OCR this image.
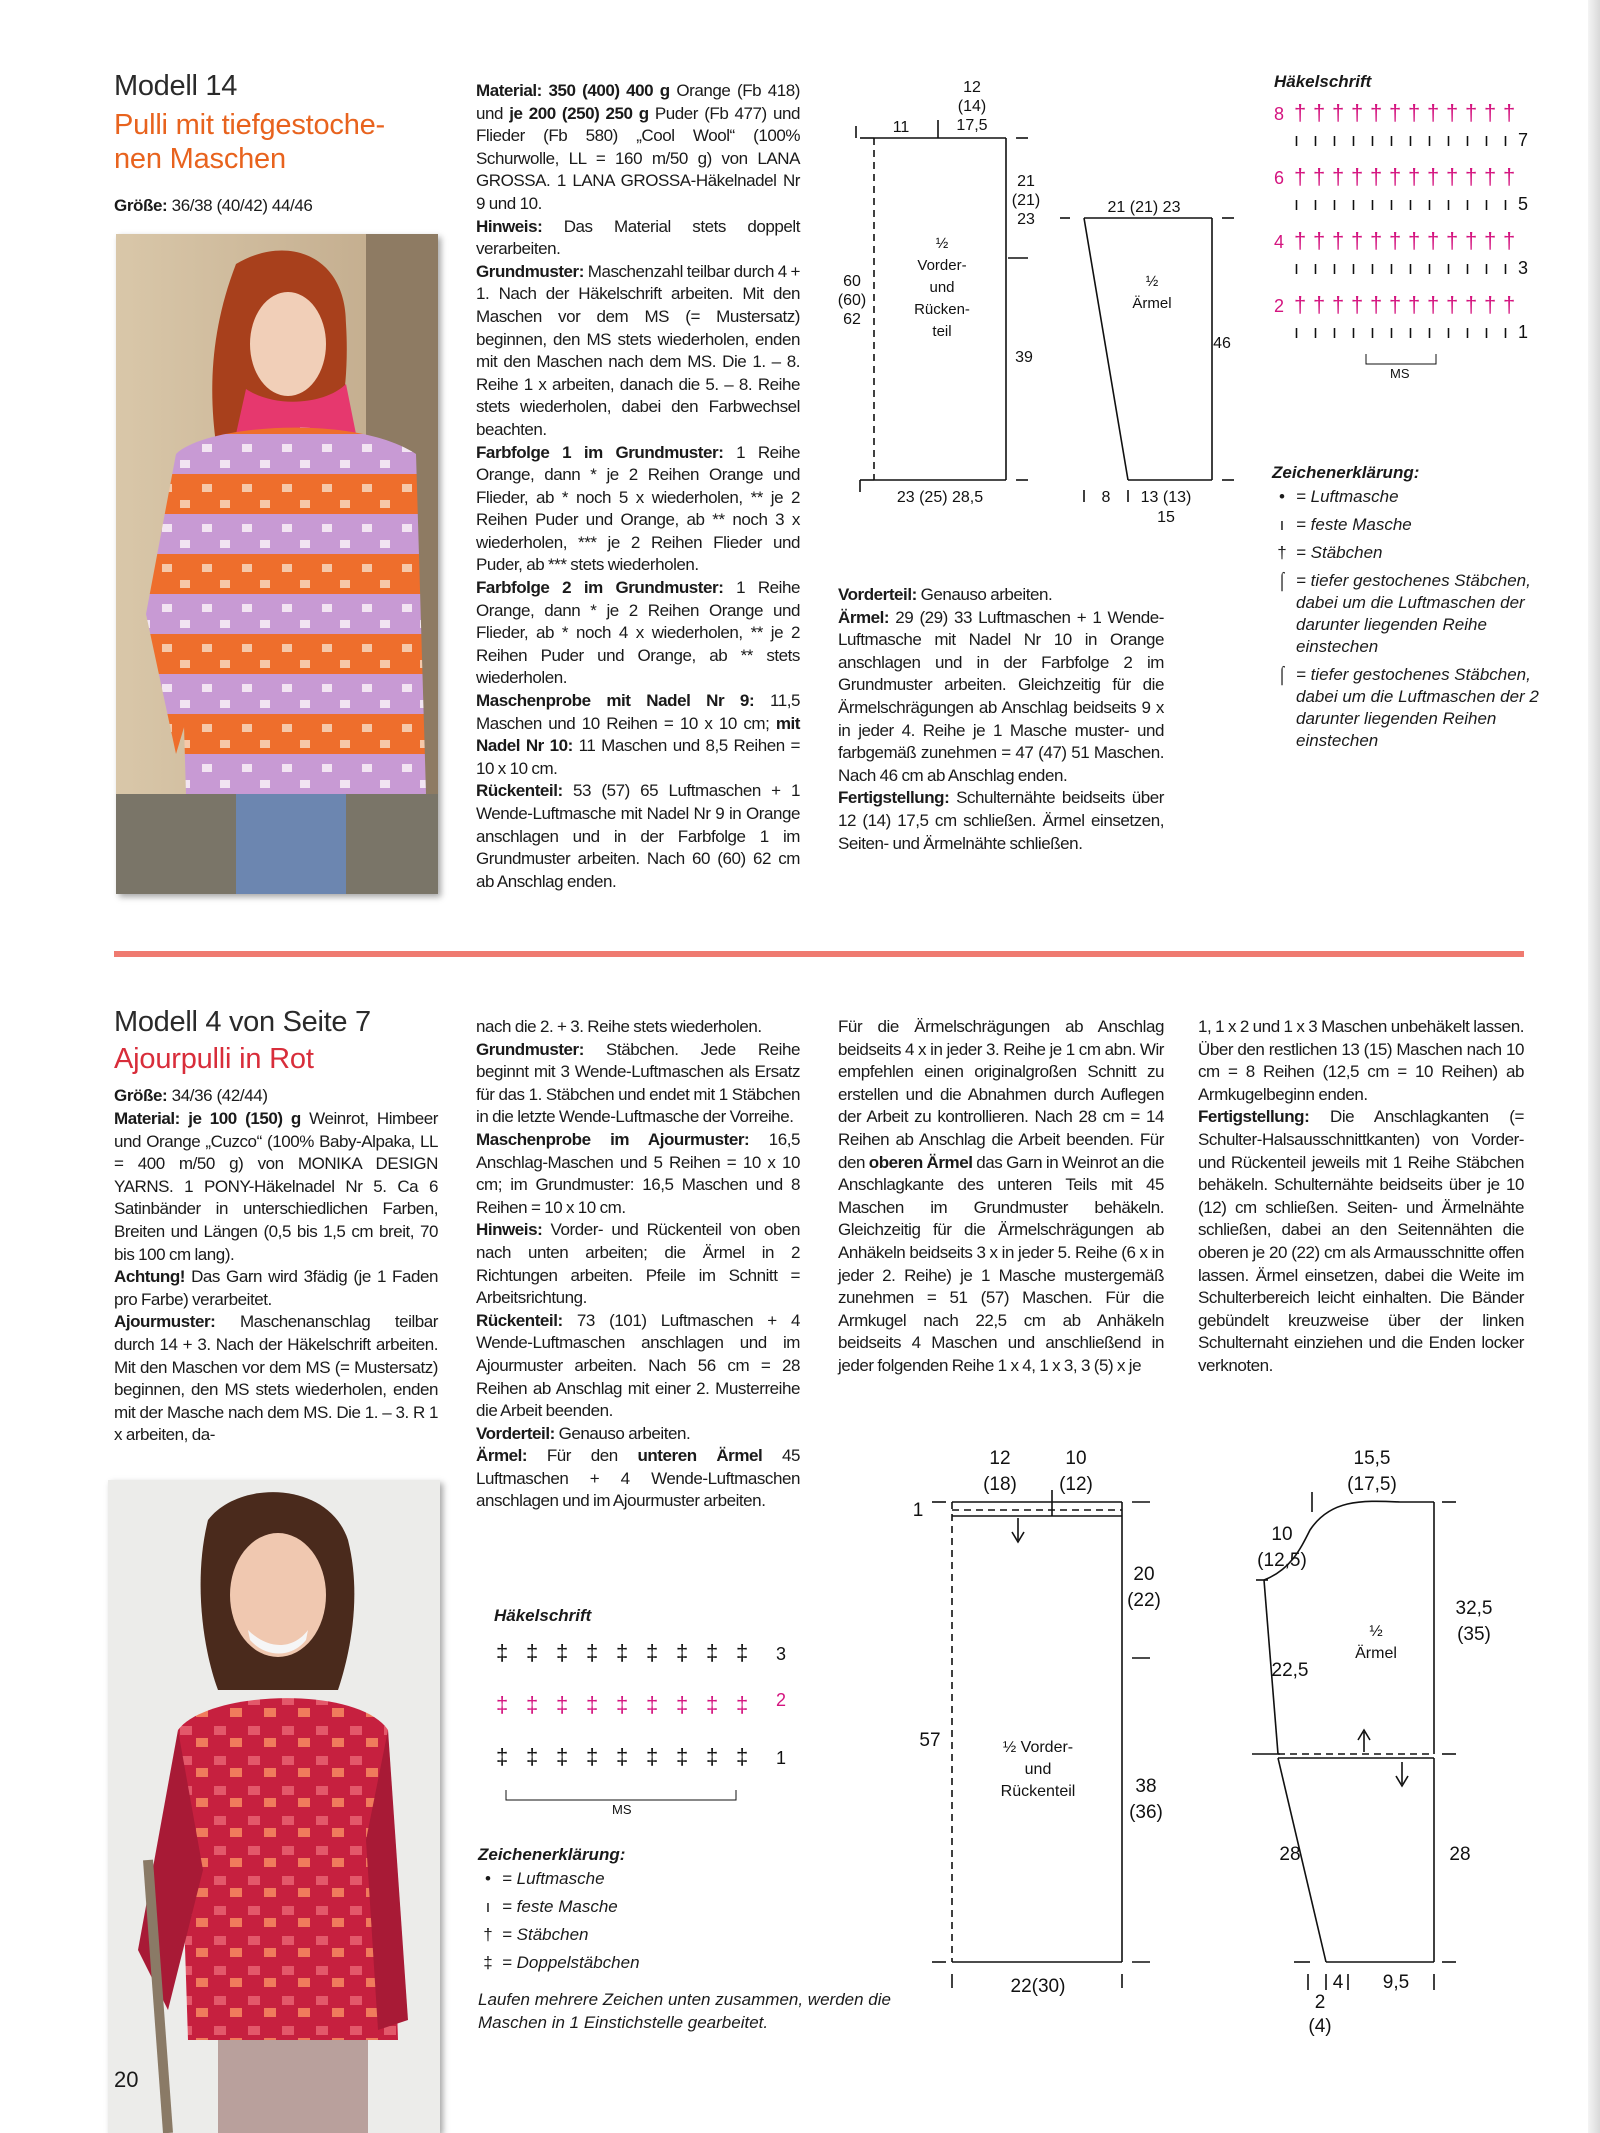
Modell 14
Pulli mit tiefgestoche-
nen Maschen
Größe: 36/38 (40/42) 44/46

Material: 350 (400) 400 g Orange (Fb 418) und je 200 (250) 250 g Puder (Fb 477) und Flieder (Fb 580) „Cool Wool“ (100% Schurwolle, LL = 160 m/50 g) von LANA GROSSA. 1 LANA GROSSA-Häkelnadel Nr 9 und 10.
Hinweis: Das Material stets doppelt verarbeiten.
Grundmuster: Maschenzahl teilbar durch 4 + 1. Nach der Häkelschrift arbeiten. Mit den Maschen vor dem MS (= Mustersatz) beginnen, den MS stets wiederholen, enden mit den Maschen nach dem MS. Die 1. – 8. Reihe 1 x arbeiten, danach die 5. – 8. Reihe stets wiederholen, dabei den Farbwechsel beachten.
Farbfolge 1 im Grundmuster: 1 Reihe Orange, dann * je 2 Reihen Orange und Flieder, ab * noch 5 x wiederholen, ** je 2 Reihen Puder und Orange, ab ** noch 3 x wiederholen, *** je 2 Reihen Flieder und Puder, ab *** stets wiederholen.
Farbfolge 2 im Grundmuster: 1 Reihe Orange, dann * je 2 Reihen Orange und Flieder, ab * noch 4 x wiederholen, ** je 2 Reihen Puder und Orange, ab ** stets wiederholen.
Maschenprobe mit Nadel Nr 9: 11,5 Maschen und 10 Reihen = 10 x 10 cm; mit Nadel Nr 10: 11 Maschen und 8,5 Reihen = 10 x 10 cm.
Rückenteil: 53 (57) 65 Luftmaschen + 1 Wende-Luftmasche mit Nadel Nr 9 in Orange anschlagen und in der Farbfolge 1 im Grundmuster arbeiten. Nach 60 (60) 62 cm ab Anschlag enden.

12
(14)
17,5
11
21
(21)
23
60
(60)
62
½
Vorder-
und
Rücken-
teil
39
23 (25) 28,5
21 (21) 23
½
Ärmel
46
8 13 (13)
15

Vorderteil: Genauso arbeiten.
Ärmel: 29 (29) 33 Luftmaschen + 1 Wende-Luftmasche mit Nadel Nr 10 in Orange anschlagen und in der Farbfolge 2 im Grundmuster arbeiten. Gleichzeitig für die Ärmelschrägungen ab Anschlag beidseits 9 x in jeder 4. Reihe je 1 Masche muster- und farbgemäß zunehmen = 47 (47) 51 Maschen. Nach 46 cm ab Anschlag enden.
Fertigstellung: Schulternähte beidseits über 12 (14) 17,5 cm schließen. Ärmel einsetzen, Seiten- und Ärmelnähte schließen.

Häkelschrift
8
7
†
ı
†
ı
†
ı
†
ı
†
ı
†
ı
†
ı
†
ı
†
ı
†
ı
†
ı
†
ı
6
5
†
ı
†
ı
†
ı
†
ı
†
ı
†
ı
†
ı
†
ı
†
ı
†
ı
†
ı
†
ı
4
3
†
ı
†
ı
†
ı
†
ı
†
ı
†
ı
†
ı
†
ı
†
ı
†
ı
†
ı
†
ı
2
1
†
ı
†
ı
†
ı
†
ı
†
ı
†
ı
†
ı
†
ı
†
ı
†
ı
†
ı
†
ı
MS
Zeichenerklärung:
• = Luftmasche
ı = feste Masche
† = Stäbchen
⌠ = tiefer gestochenes Stäbchen, dabei um die Luftmaschen der darunter liegenden Reihe einstechen
⌠ = tiefer gestochenes Stäbchen, dabei um die Luftmaschen der 2 darunter liegenden Reihen einstechen
Modell 4 von Seite 7
Ajourpulli in Rot
Größe: 34/36 (42/44)

Material: je 100 (150) g Weinrot, Himbeer und Orange „Cuzco“ (100% Baby-Alpaka, LL = 400 m/50 g) von MONIKA DESIGN YARNS. 1 PONY-Häkelnadel Nr 5. Ca 6 Satinbänder in unterschiedlichen Farben, Breiten und Längen (0,5 bis 1,5 cm breit, 70 bis 100 cm lang).
Achtung! Das Garn wird 3fädig (je 1 Faden pro Farbe) verarbeitet.
Ajourmuster: Maschenanschlag teilbar durch 14 + 3. Nach der Häkelschrift arbeiten. Mit den Maschen vor dem MS (= Mustersatz) beginnen, den MS stets wiederholen, enden mit der Masche nach dem MS. Die 1. – 3. R 1 x arbeiten, da-

nach die 2. + 3. Reihe stets wiederholen.
Grundmuster: Stäbchen. Jede Reihe beginnt mit 3 Wende-Luftmaschen als Ersatz für das 1. Stäbchen und endet mit 1 Stäbchen in die letzte Wende-Luftmasche der Vorreihe.
Maschenprobe im Ajourmuster: 16,5 Anschlag-Maschen und 5 Reihen = 10 x 10 cm; im Grundmuster: 16,5 Maschen und 8 Reihen = 10 x 10 cm.
Hinweis: Vorder- und Rückenteil von oben nach unten arbeiten; die Ärmel in 2 Richtungen arbeiten. Pfeile im Schnitt = Arbeitsrichtung.
Rückenteil: 73 (101) Luftmaschen + 4 Wende-Luftmaschen anschlagen und im Ajourmuster arbeiten. Nach 56 cm = 28 Reihen ab Anschlag mit einer 2. Musterreihe die Arbeit beenden.
Vorderteil: Genauso arbeiten.
Ärmel: Für den unteren Ärmel 45 Luftmaschen + 4 Wende-Luftmaschen anschlagen und im Ajourmuster arbeiten.

Für die Ärmelschrägungen ab Anschlag beidseits 4 x in jeder 3. Reihe je 1 cm abn. Wir empfehlen einen originalgroßen Schnitt zu erstellen und die Abnahmen durch Auflegen der Arbeit zu kontrollieren. Nach 28 cm = 14 Reihen ab Anschlag die Arbeit beenden. Für den oberen Ärmel das Garn in Weinrot an die Anschlagkante des unteren Teils mit 45 Maschen im Grundmuster behäkeln. Gleichzeitig für die Ärmelschrägungen ab Anhäkeln beidseits 3 x in jeder 5. Reihe (6 x in jeder 2. Reihe) je 1 Masche mustergemäß zunehmen = 51 (57) Maschen. Für die Armkugel nach 22,5 cm ab Anhäkeln beidseits 4 Maschen und anschließend in jeder folgenden Reihe 1 x 4, 1 x 3, 3 (5) x je

1, 1 x 2 und 1 x 3 Maschen unbehäkelt lassen. Über den restlichen 13 (15) Maschen nach 10 cm = 8 Reihen (12,5 cm = 10 Reihen) ab Armkugelbeginn enden.
Fertigstellung: Die Anschlagkanten (= Schulter-Halsausschnittkanten) von Vorder- und Rückenteil jeweils mit 1 Reihe Stäbchen behäkeln. Schulternähte beidseits über je 10 (12) cm schließen. Seiten- und Ärmelnähte schließen, dabei an den Seitennähten die oberen je 20 (22) cm als Armausschnitte offen lassen. Ärmel einsetzen, dabei die Weite im Schulterbereich leicht einhalten. Die Bänder gebündelt kreuzweise über der linken Schulternaht einziehen und die Enden locker verknoten.

Häkelschrift
3
‡ ‡ ‡ ‡ ‡ ‡ ‡ ‡ ‡
2
‡ ‡ ‡ ‡ ‡ ‡ ‡ ‡ ‡
1
‡ ‡ ‡ ‡ ‡ ‡ ‡ ‡ ‡
MS
Zeichenerklärung:
• = Luftmasche
ı = feste Masche
† = Stäbchen
‡ = Doppelstäbchen
Laufen mehrere Zeichen unten zusammen, werden die Maschen in 1 Einstichstelle gearbeitet.
12
(18)
10
(12)
1
20
(22)
57	½ Vorder-
und
Rückenteil	38
(36)
22(30)
15,5
(17,5)
10
(12,5)
½
Ärmel
32,5
(35)
22,5
28	28
2
(4)
4 9,5
20
